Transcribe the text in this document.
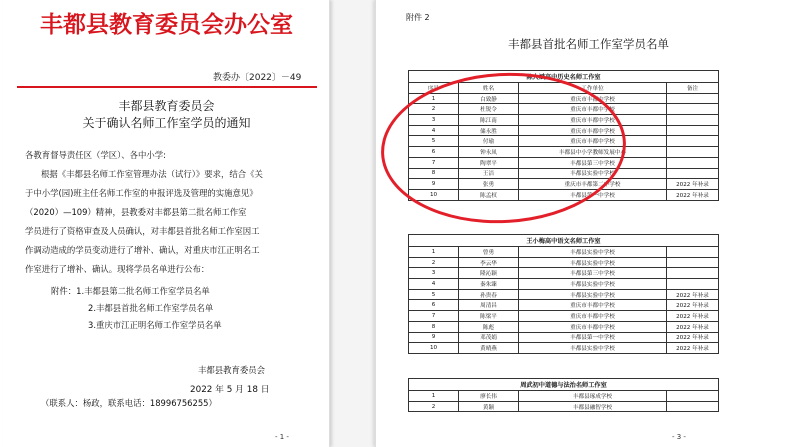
丰都县教育委员会办公室
教委办〔2022〕－49
丰都县教育委员会
关于确认名师工作室学员的通知
各教育督导责任区（学区）、各中小学:
根据《丰都县名师工作室管理办法（试行）》要求，结合《关
于中小学(园)班主任名师工作室的申报评选及管理的实施意见》
（2020）—109）精神，县教委对丰都县第二批名师工作室
学员进行了资格审查及人员确认，对丰都县首批名师工作室因工
作调动造成的学员变动进行了增补、确认，对重庆市江正明名工
作室进行了增补、确认。现将学员名单进行公布：
附件：1.丰都县第二批名师工作室学员名单
2.丰都县首批名师工作室学员名单
3.重庆市江正明名师工作室学员名单
丰都县教育委员会
2022 年 5 月 18 日
（联系人：杨政，联系电话：18996756255）
- 1 -
附件 2
丰都县首批名师工作室学员名单
陈大斌高中历史名师工作室			
序号	姓名	工作单位	备注
1	白致静	重庆市丰都中学校	
2	杜锐令	重庆市丰都中学校	
3	陈江南	重庆市丰都中学校	
4	储永胜	重庆市丰都中学校	
5	付瑜	重庆市丰都中学校	
6	钟永凤	丰都县中小学教师发展中心	
7	陶翠平	丰都县第三中学校	
8	王洁	丰都县实验中学校	
9	张勇	重庆市丰都第二中学校	2022 年补录
10	陈孟权	丰都县第一中学校	2022 年补录
王小梅高中语文名师工作室			
1	曾勇	丰都县实验中学校	
2	李云华	丰都县实验中学校	
3	隆沁颖	丰都县第三中学校	
4	秦朱臻	丰都县实验中学校	
5	孙贵春	丰都县实验中学校	2022 年补录
6	周清昌	重庆市丰都中学校	2022 年补录
7	陈梁平	重庆市丰都中学校	2022 年补录
8	陈彪	重庆市丰都中学校	2022 年补录
9	邓茂娟	丰都县第一中学校	2022 年补录
10	黄晴燕	丰都县实验中学校	2022 年补录
周武初中道德与法治名师工作室			
1	廖长伟	丰都县琢成学校	
2	黄颖	丰都县融智学校	
- 3 -
